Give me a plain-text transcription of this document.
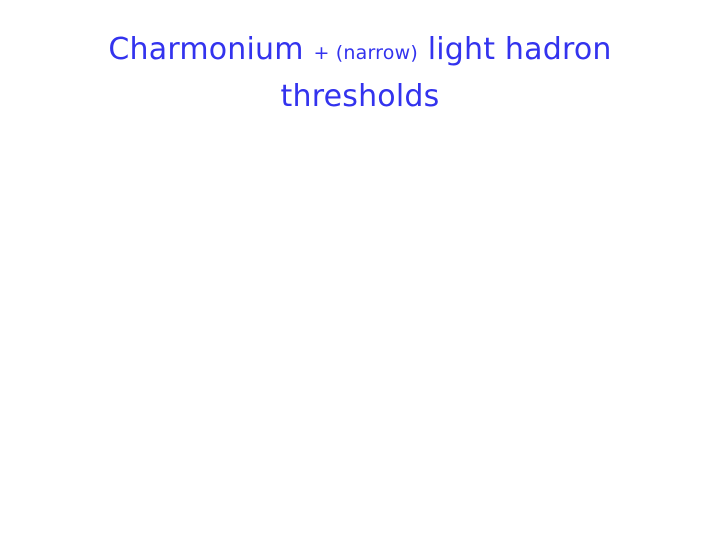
Charmonium + (narrow) light hadron
thresholds
